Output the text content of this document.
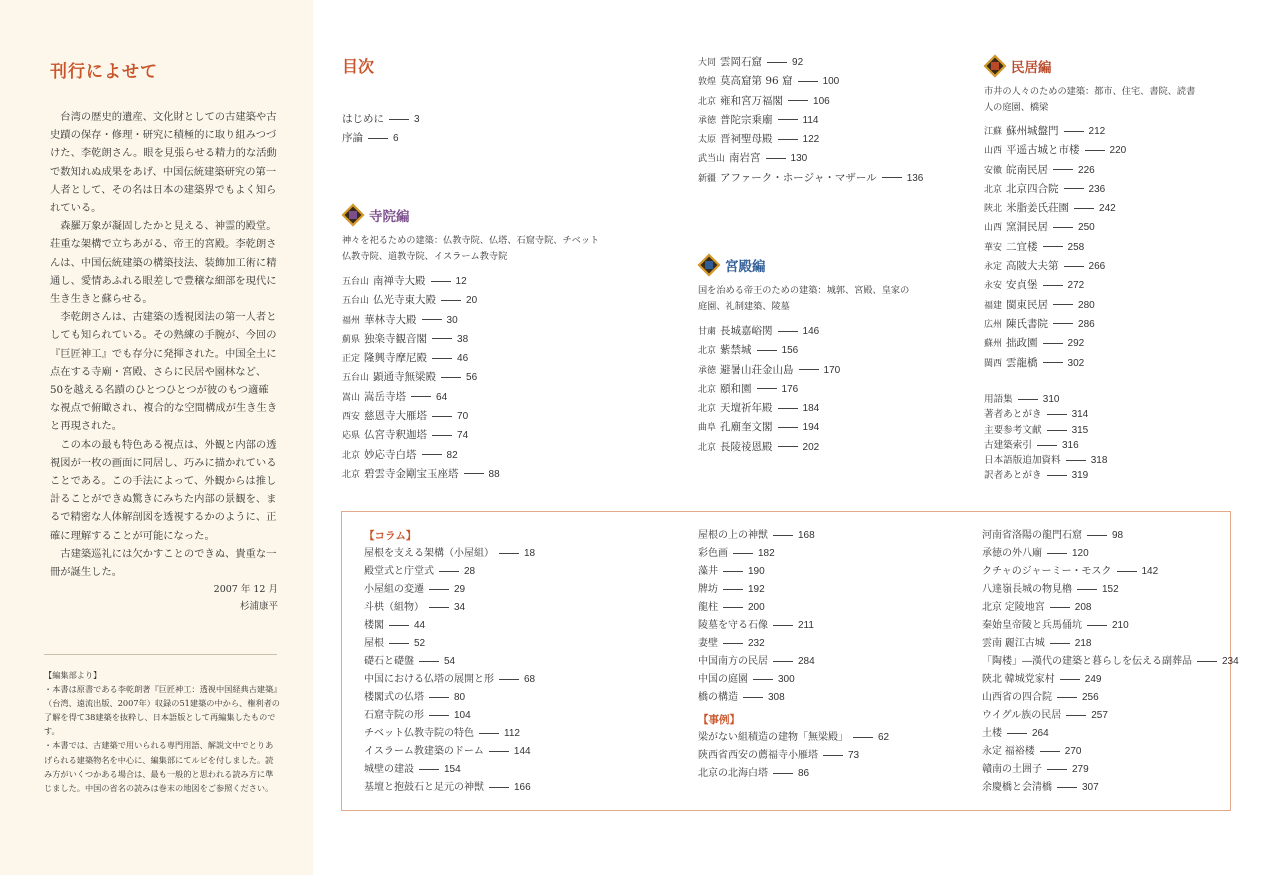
刊行によせて

台湾の歴史的遺産、文化財としての古建築や古史蹟の保存・修理・研究に積極的に取り組みつづけた、李乾朗さん。眼を見張らせる精力的な活動で数知れぬ成果をあげ、中国伝統建築研究の第一人者として、その名は日本の建築界でもよく知られている。

森羅万象が凝固したかと見える、神霊的殿堂。荘重な架構で立ちあがる、帝王的宮殿。李乾朗さんは、中国伝統建築の構築技法、装飾加工術に精通し、愛情あふれる眼差しで豊穣な細部を現代に生き生きと蘇らせる。

李乾朗さんは、古建築の透視図法の第一人者としても知られている。その熟練の手腕が、今回の『巨匠神工』でも存分に発揮された。中国全土に点在する寺廟・宮殿、さらに民居や園林など、50を越える名蹟のひとつひとつが彼のもつ適確な視点で俯瞰され、複合的な空間構成が生き生きと再現された。

この本の最も特色ある視点は、外観と内部の透視図が一枚の画面に同居し、巧みに描かれていることである。この手法によって、外観からは推し計ることができぬ驚きにみちた内部の景観を、まるで精密な人体解剖図を透視するかのように、正確に理解することが可能になった。

古建築巡礼には欠かすことのできぬ、貴重な一冊が誕生した。

2007 年 12 月
杉浦康平
【編集部より】
・本書は原書である李乾朗著『巨匠神工：透視中国経典古建築』（台湾、遠流出版、2007年）収録の51建築の中から、権利者の了解を得て38建築を抜粋し、日本語版として再編集したものです。
・本書では、古建築で用いられる専門用語、解説文中でとりあげられる建築物名を中心に、編集部にてルビを付しました。読み方がいくつかある場合は、最も一般的と思われる読み方に準じました。中国の省名の読みは巻末の地図をご参照ください。
目次
はじめに	3
序論	6
寺院編
神々を祀るための建築：仏教寺院、仏塔、石窟寺院、チベット仏教寺院、道教寺院、イスラーム教寺院
五台山 南禅寺大殿	12
五台山 仏光寺東大殿	20
福州 華林寺大殿	30
薊県 独楽寺観音閣	38
正定 隆興寺摩尼殿	46
五台山 顕通寺無梁殿	56
嵩山 嵩岳寺塔	64
西安 慈恩寺大雁塔	70
応県 仏宮寺釈迦塔	74
北京 妙応寺白塔	82
北京 碧雲寺金剛宝玉座塔	88
大同 雲岡石窟	92
敦煌 莫高窟第 96 窟	100
北京 雍和宮万福閣	106
承徳 普陀宗乗廟	114
太原 晋祠聖母殿	122
武当山 南岩宮	130
新疆 アファーク・ホージャ・マザール	136
宮殿編
国を治める帝王のための建築：城郭、宮殿、皇家の庭園、礼制建築、陵墓
甘粛 長城嘉峪関	146
北京 紫禁城	156
承徳 避暑山荘金山島	170
北京 頤和園	176
北京 天壇祈年殿	184
曲阜 孔廟奎文閣	194
北京 長陵祾恩殿	202
民居編
市井の人々のための建築：都市、住宅、書院、読書人の庭園、橋梁
江蘇 蘇州城盤門	212
山西 平遥古城と市楼	220
安徽 皖南民居	226
北京 北京四合院	236
陝北 米脂姜氏荘園	242
山西 窯洞民居	250
華安 二宜楼	258
永定 高陂大夫第	266
永安 安貞堡	272
福建 閩東民居	280
広州 陳氏書院	286
蘇州 拙政園	292
閩西 雲龍橋	302
用語集	310
著者あとがき	314
主要参考文献	315
古建築索引	316
日本語版追加資料	318
訳者あとがき	319
【コラム】
屋根を支える架構（小屋組）	18
殿堂式と庁堂式	28
小屋組の変遷	29
斗栱（組物）	34
楼閣	44
屋根	52
礎石と礎盤	54
中国における仏塔の展開と形	68
楼閣式の仏塔	80
石窟寺院の形	104
チベット仏教寺院の特色	112
イスラーム教建築のドーム	144
城壁の建設	154
基壇と抱鼓石と足元の神獣	166
屋根の上の神獣	168
彩色画	182
藻井	190
牌坊	192
龍柱	200
陵墓を守る石像	211
妻壁	232
中国南方の民居	284
中国の庭園	300
橋の構造	308
【事例】
梁がない組積造の建物「無梁殿」	62
陝西省西安の薦福寺小雁塔	73
北京の北海白塔	86
河南省洛陽の龍門石窟	98
承徳の外八廟	120
クチャのジャーミー・モスク	142
八達嶺長城の物見櫓	152
北京 定陵地宮	208
秦始皇帝陵と兵馬俑坑	210
雲南 麗江古城	218
「陶楼」―漢代の建築と暮らしを伝える副葬品	234
陝北 韓城党家村	249
山西省の四合院	256
ウイグル族の民居	257
土楼	264
永定 福裕楼	270
贛南の土囲子	279
余慶橋と会清橋	307
